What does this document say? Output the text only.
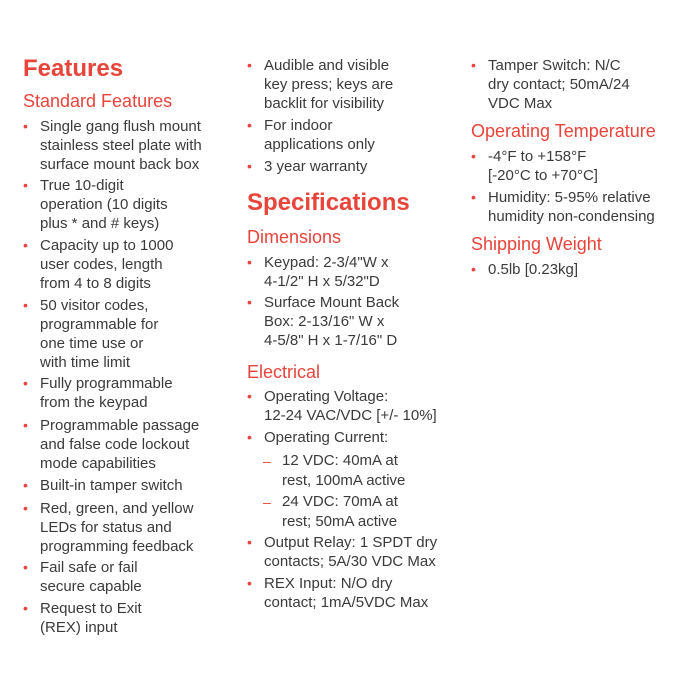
Features
Standard Features
• Single gang flush mount
stainless steel plate with
surface mount back box
• True 10-digit
operation (10 digits
plus * and # keys)
• Capacity up to 1000
user codes, length
from 4 to 8 digits
• 50 visitor codes,
programmable for
one time use or
with time limit
• Fully programmable
from the keypad
• Programmable passage
and false code lockout
mode capabilities
• Built-in tamper switch
• Red, green, and yellow
LEDs for status and
programming feedback
• Fail safe or fail
secure capable
• Request to Exit
(REX) input
• Audible and visible
key press; keys are
backlit for visibility
• For indoor
applications only
• 3 year warranty
Specifications
Dimensions
• Keypad: 2-3/4"W x
4-1/2" H x 5/32"D
• Surface Mount Back
Box: 2-13/16" W x
4-5/8" H x 1-7/16" D
Electrical
• Operating Voltage:
12-24 VAC/VDC [+/- 10%]
• Operating Current:
– 12 VDC: 40mA at
rest, 100mA active
– 24 VDC: 70mA at
rest; 50mA active
• Output Relay: 1 SPDT dry
contacts; 5A/30 VDC Max
• REX Input: N/O dry
contact; 1mA/5VDC Max
• Tamper Switch: N/C
dry contact; 50mA/24
VDC Max
Operating Temperature
• -4°F to +158°F
[-20°C to +70°C]
• Humidity: 5-95% relative
humidity non-condensing
Shipping Weight
• 0.5lb [0.23kg]
